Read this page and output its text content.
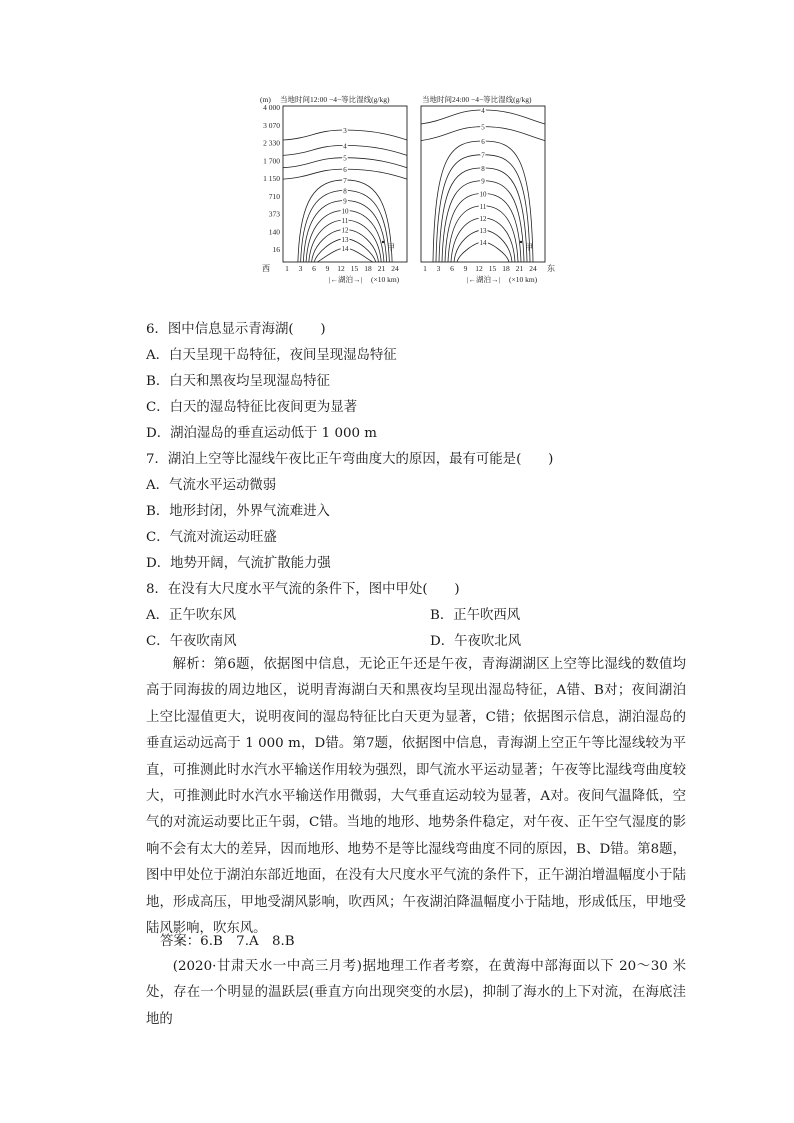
(m) 当地时间12:00 −4−等比湿线(g/kg)	当地时间24:00 −4−等比湿线(g/kg)
4 000
3 070
2 330
1 700
1 150
710
373
140
16
3
4
5
6
7
8
9
10
11
12
13
14
4
5
6
7
8
9
10
11
12
13
14
甲	甲
1 3 6 9 12 15 18 21 24
|←湖泊→| (×10 km)
1 3 6 9 12 15 18 21 24
|←湖泊→| (×10 km)
西	东
6．图中信息显示青海湖(　　)
A．白天呈现干岛特征，夜间呈现湿岛特征
B．白天和黑夜均呈现湿岛特征
C．白天的湿岛特征比夜间更为显著
D．湖泊湿岛的垂直运动低于 1 000 m
7．湖泊上空等比湿线午夜比正午弯曲度大的原因，最有可能是(　　)
A．气流水平运动微弱
B．地形封闭，外界气流难进入
C．气流对流运动旺盛
D．地势开阔，气流扩散能力强
8．在没有大尺度水平气流的条件下，图中甲处(　　)
A．正午吹东风	B．正午吹西风
C．午夜吹南风	D．午夜吹北风
解析：第6题，依据图中信息，无论正午还是午夜，青海湖湖区上空等比湿线的数值均高于同海拔的周边地区，说明青海湖白天和黑夜均呈现出湿岛特征，A错、B对；夜间湖泊上空比湿值更大，说明夜间的湿岛特征比白天更为显著，C错；依据图示信息，湖泊湿岛的垂直运动远高于 1 000 m，D错。第7题，依据图中信息，青海湖上空正午等比湿线较为平直，可推测此时水汽水平输送作用较为强烈，即气流水平运动显著；午夜等比湿线弯曲度较大，可推测此时水汽水平输送作用微弱，大气垂直运动较为显著，A对。夜间气温降低，空气的对流运动要比正午弱，C错。当地的地形、地势条件稳定，对午夜、正午空气湿度的影响不会有太大的差异，因而地形、地势不是等比湿线弯曲度不同的原因，B、D错。第8题，图中甲处位于湖泊东部近地面，在没有大尺度水平气流的条件下，正午湖泊增温幅度小于陆地，形成高压，甲地受湖风影响，吹西风；午夜湖泊降温幅度小于陆地，形成低压，甲地受陆风影响，吹东风。
答案：6.B　7.A　8.B
(2020·甘肃天水一中高三月考)据地理工作者考察，在黄海中部海面以下 20～30 米处，存在一个明显的温跃层(垂直方向出现突变的水层)，抑制了海水的上下对流，在海底洼地的
